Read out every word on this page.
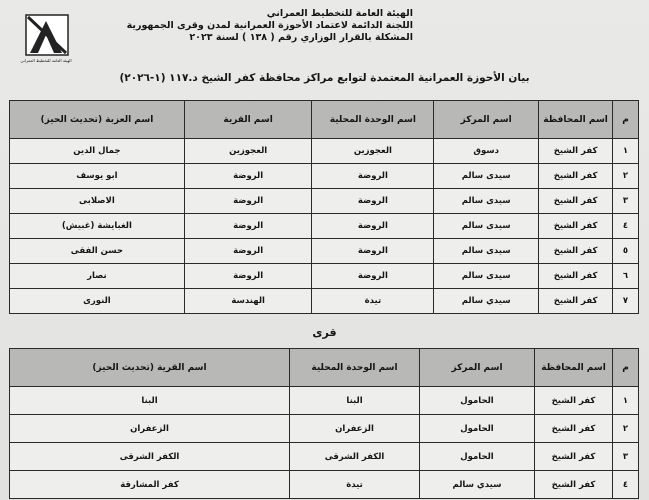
الهيئة العامة للتخطيط العمراني
الهيئة العامة للتخطيط العمراني
اللجنة الدائمة لاعتماد الأحوزة العمرانية لمدن وقرى الجمهورية
المشكلة بالقرار الوزاري رقم ( ١٣٨ ) لسنة ٢٠٢٣
بيان الأحوزة العمرانية المعتمدة لتوابع مراكز محافظة كفر الشيخ د.١١٧ (١-٢٠٢٦)
م	اسم المحافظة	اسم المركز	اسم الوحدة المحلية	اسم القرية	اسم العزبة (تحديث الحيز)
١	كفر الشيخ	دسوق	العجوزين	العجوزين	جمال الدين
٢	كفر الشيخ	سيدى سالم	الروضة	الروضة	ابو يوسف
٣	كفر الشيخ	سيدى سالم	الروضة	الروضة	الاصلابى
٤	كفر الشيخ	سيدى سالم	الروضة	الروضة	الغبايشة (غبيش)
٥	كفر الشيخ	سيدى سالم	الروضة	الروضة	حسن الفقى
٦	كفر الشيخ	سيدى سالم	الروضة	الروضة	نصار
٧	كفر الشيخ	سيدي سالم	تيدة	الهندسة	النورى
قرى
م	اسم المحافظة	اسم المركز	اسم الوحدة المحلية	اسم القرية (تحديث الحيز)
١	كفر الشيخ	الحامول	البنا	البنا
٢	كفر الشيخ	الحامول	الزعفران	الزعفران
٣	كفر الشيخ	الحامول	الكفر الشرقى	الكفر الشرقى
٤	كفر الشيخ	سيدي سالم	تيدة	كفر المشارقة
